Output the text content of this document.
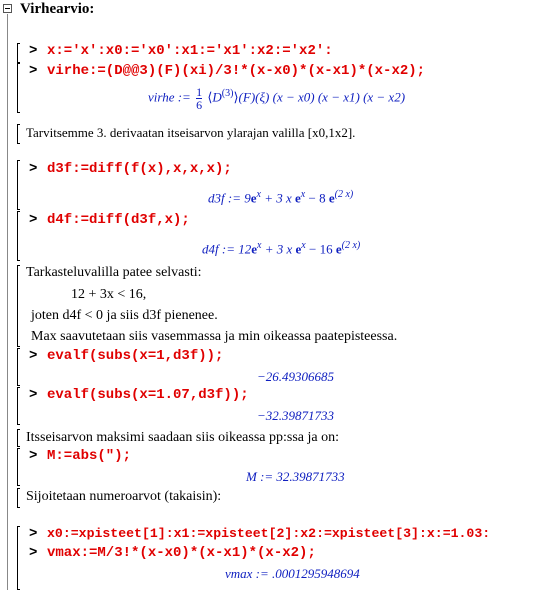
Virhearvio:
> x:='x':x0:='x0':x1:='x1':x2:='x2':
> virhe:=(D@@3)(F)(xi)/3!*(x-x0)*(x-x1)*(x-x2);
virhe := $\frac{1}{6}$ $⟨D^{(3)}⟩(F)(\xi) (x - x0) (x - x1) (x - x2)$
Tarvitsemme 3. derivaatan itseisarvon ylarajan valilla [x0,1x2].
> d3f:=diff(f(x),x,x,x);
d3f := $9e^x + 3$ x $e^x - 8$ $e^{(2 x)}$
> d4f:=diff(d3f,x);
d4f := $12e^x + 3$ x $e^x - 16$ $e^{(2 x)}$
Tarkasteluvalilla patee selvasti:
12 + 3x < 16,
joten d4f < 0 ja siis d3f pienenee.
Max saavutetaan siis vasemmassa ja min oikeassa paatepisteessa.
> evalf(subs(x=1,d3f));
−26.49306685
> evalf(subs(x=1.07,d3f));
−32.39871733
Itsseisarvon maksimi saadaan siis oikeassa pp:ssa ja on:
> M:=abs(");
M := 32.39871733
Sijoitetaan numeroarvot (takaisin):
> x0:=xpisteet[1]:x1:=xpisteet[2]:x2:=xpisteet[3]:x:=1.03:
> vmax:=M/3!*(x-x0)*(x-x1)*(x-x2);
vmax := .0001295948694
